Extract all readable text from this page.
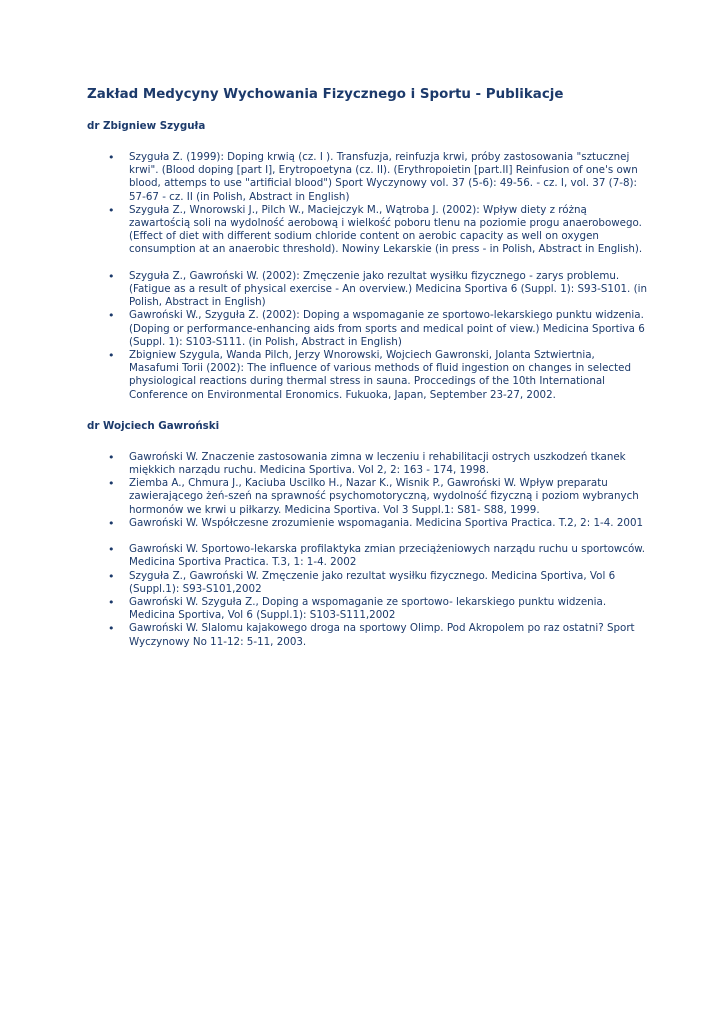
Zakład Medycyny Wychowania Fizycznego i Sportu - Publikacje
dr Zbigniew Szyguła
• Szyguła Z. (1999): Doping krwią (cz. I ). Transfuzja, reinfuzja krwi, próby zastosowania "sztucznej krwi". (Blood doping [part I], Erytropoetyna (cz. II). (Erythropoietin [part.II] Reinfusion of one's own blood, attemps to use "artificial blood") Sport Wyczynowy vol. 37 (5-6): 49-56. - cz. I, vol. 37 (7-8): 57-67 - cz. II (in Polish, Abstract in English)
• Szyguła Z., Wnorowski J., Pilch W., Maciejczyk M., Wątroba J. (2002): Wpływ diety z różną zawartością soli na wydolność aerobową i wielkość poboru tlenu na poziomie progu anaerobowego. (Effect of diet with different sodium chloride content on aerobic capacity as well on oxygen consumption at an anaerobic threshold). Nowiny Lekarskie (in press - in Polish, Abstract in English).
• Szyguła Z., Gawroński W. (2002): Zmęczenie jako rezultat wysiłku fizycznego - zarys problemu. (Fatigue as a result of physical exercise - An overview.) Medicina Sportiva 6 (Suppl. 1): S93-S101. (in Polish, Abstract in English)
• Gawroński W., Szyguła Z. (2002): Doping a wspomaganie ze sportowo-lekarskiego punktu widzenia. (Doping or performance-enhancing aids from sports and medical point of view.) Medicina Sportiva 6 (Suppl. 1): S103-S111. (in Polish, Abstract in English)
• Zbigniew Szygula, Wanda Pilch, Jerzy Wnorowski, Wojciech Gawronski, Jolanta Sztwiertnia, Masafumi Torii (2002): The influence of various methods of fluid ingestion on changes in selected physiological reactions during thermal stress in sauna. Proccedings of the 10th International Conference on Environmental Eronomics. Fukuoka, Japan, September 23-27, 2002.
dr Wojciech Gawroński
• Gawroński W. Znaczenie zastosowania zimna w leczeniu i rehabilitacji ostrych uszkodzeń tkanek miękkich narządu ruchu. Medicina Sportiva. Vol 2, 2: 163 - 174, 1998.
• Ziemba A., Chmura J., Kaciuba Uscilko H., Nazar K., Wisnik P., Gawroński W. Wpływ preparatu zawierającego żeń-szeń na sprawność psychomotoryczną, wydolność fizyczną i poziom wybranych hormonów we krwi u piłkarzy. Medicina Sportiva. Vol 3 Suppl.1: S81- S88, 1999.
• Gawroński W. Współczesne zrozumienie wspomagania. Medicina Sportiva Practica. T.2, 2: 1-4. 2001
• Gawroński W. Sportowo-lekarska profilaktyka zmian przeciążeniowych narządu ruchu u sportowców. Medicina Sportiva Practica. T.3, 1: 1-4. 2002
• Szyguła Z., Gawroński W. Zmęczenie jako rezultat wysiłku fizycznego. Medicina Sportiva, Vol 6 (Suppl.1): S93-S101,2002
• Gawroński W. Szyguła Z., Doping a wspomaganie ze sportowo- lekarskiego punktu widzenia. Medicina Sportiva, Vol 6 (Suppl.1): S103-S111,2002
• Gawroński W. Slalomu kajakowego droga na sportowy Olimp. Pod Akropolem po raz ostatni? Sport Wyczynowy No 11-12: 5-11, 2003.
